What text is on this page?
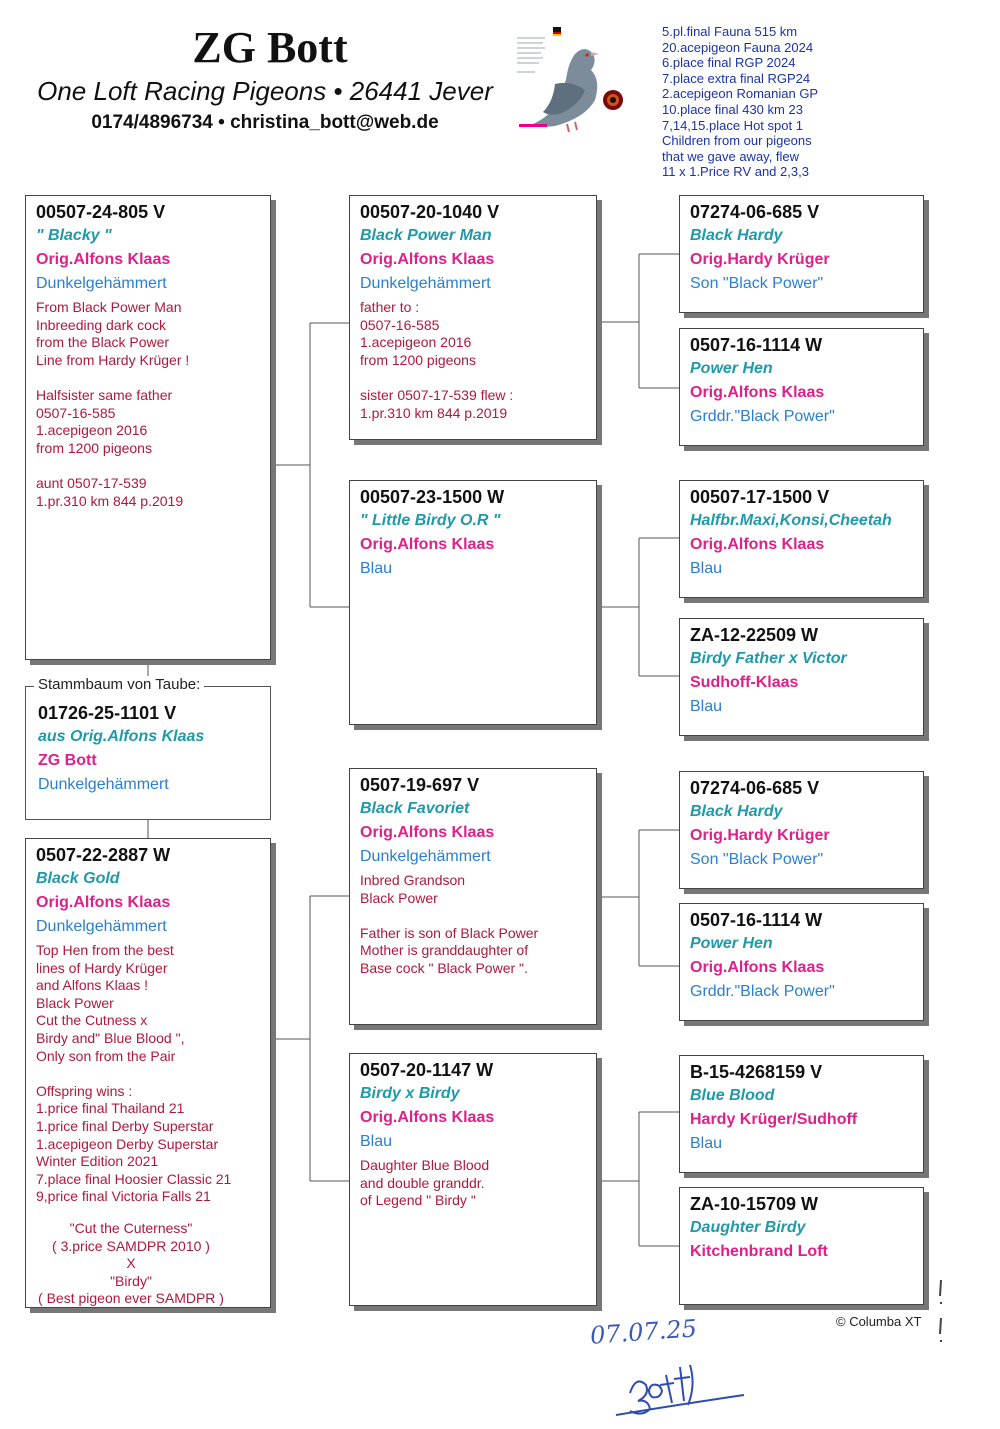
ZG Bott
One Loft Racing Pigeons • 26441 Jever
0174/4896734 • christina_bott@web.de
5.pl.final Fauna 515 km
20.acepigeon Fauna 2024
6.place final RGP 2024
7.place extra final RGP24
2.acepigeon Romanian GP
10.place final 430 km 23
7,14,15.place Hot spot 1
Children from our pigeons
that we gave away, flew
11 x 1.Price RV and 2,3,3
00507-24-805 V
" Blacky "
Orig.Alfons Klaas
Dunkelgehämmert
From Black Power Man
Inbreeding dark cock
from the Black Power
Line from Hardy Krüger !

Halfsister same father
0507-16-585
1.acepigeon 2016
from 1200 pigeons

aunt 0507-17-539
1.pr.310 km 844 p.2019
01726-25-1101 V
aus Orig.Alfons Klaas
ZG Bott
Dunkelgehämmert
Stammbaum von Taube:
0507-22-2887 W
Black Gold
Orig.Alfons Klaas
Dunkelgehämmert
Top Hen from the best
lines of Hardy Krüger
and Alfons Klaas !
Black Power
Cut the Cutness x
Birdy and" Blue Blood ",
Only son from the Pair

Offspring wins :
1.price final Thailand 21
1.price final Derby Superstar
1.acepigeon Derby Superstar
Winter Edition 2021
7.place final Hoosier Classic 21
9,price final Victoria Falls 21
"Cut the Cuterness"
( 3.price SAMDPR 2010 )
X
"Birdy"
( Best pigeon ever SAMDPR )
00507-20-1040 V
Black Power Man
Orig.Alfons Klaas
Dunkelgehämmert
father to :
0507-16-585
1.acepigeon 2016
from 1200 pigeons

sister 0507-17-539 flew :
1.pr.310 km 844 p.2019
00507-23-1500 W
" Little Birdy O.R "
Orig.Alfons Klaas
Blau
0507-19-697 V
Black Favoriet
Orig.Alfons Klaas
Dunkelgehämmert
Inbred Grandson
Black Power

Father is son of Black Power
Mother is granddaughter of
Base cock " Black Power ".
0507-20-1147 W
Birdy x Birdy
Orig.Alfons Klaas
Blau
Daughter Blue Blood
and double granddr.
of Legend " Birdy "
07274-06-685 V
Black Hardy
Orig.Hardy Krüger
Son "Black Power"
0507-16-1114 W
Power Hen
Orig.Alfons Klaas
Grddr."Black Power"
00507-17-1500 V
Halfbr.Maxi,Konsi,Cheetah
Orig.Alfons Klaas
Blau
ZA-12-22509 W
Birdy Father x Victor
Sudhoff-Klaas
Blau
07274-06-685 V
Black Hardy
Orig.Hardy Krüger
Son "Black Power"
0507-16-1114 W
Power Hen
Orig.Alfons Klaas
Grddr."Black Power"
B-15-4268159 V
Blue Blood
Hardy Krüger/Sudhoff
Blau
ZA-10-15709 W
Daughter Birdy
Kitchenbrand Loft
© Columba XT
07.07.25
